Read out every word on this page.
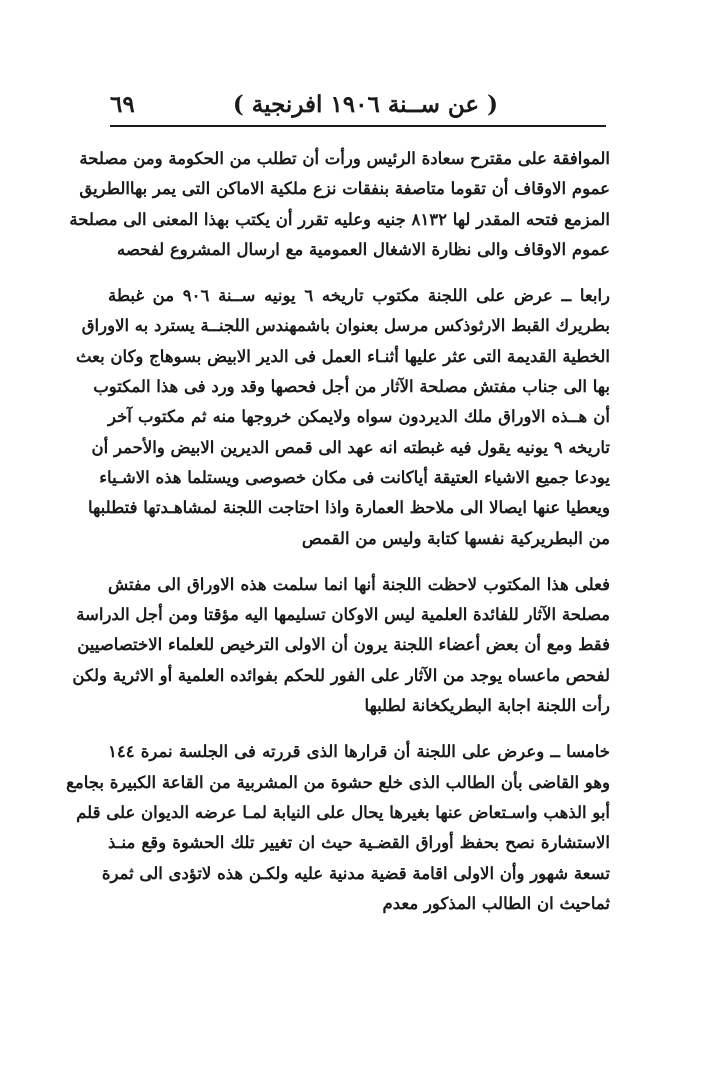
( عن ســنة ١٩٠٦ افرنجية )
٦٩
الموافقة على مقترح سعادة الرئيس ورأت أن تطلب من الحكومة ومن مصلحة
عموم الاوقاف أن تقوما متاصفة بنفقات نزع ملكية الاماكن التى يمر بهاالطريق
المزمع فتحه المقدر لها ٨١٣٢ جنيه وعليه تقرر أن يكتب بهذا المعنى الى مصلحة
عموم الاوقاف والى نظارة الاشغال العمومية مع ارسال المشروع لفحصه
رابعا ــ عرض على اللجنة مكتوب تاريخه ٦ يونيه ســنة ٩٠٦ من غبطة
بطريرك القبط الارثوذكس مرسل بعنوان باشمهندس اللجنــة يسترد به الاوراق
الخطية القديمة التى عثر عليها أثنـاء العمل فى الدير الابيض بسوهاج وكان بعث
بها الى جناب مفتش مصلحة الآثار من أجل فحصها وقد ورد فى هذا المكتوب
أن هــذه الاوراق ملك الديردون سواه ولايمكن خروجها منه ثم مكتوب آخر
تاريخه ٩ يونيه يقول فيه غبطته انه عهد الى قمص الديرين الابيض والأحمر أن
يودعا جميع الاشياء العتيقة أياكانت فى مكان خصوصى ويستلما هذه الاشـياء
ويعطيا عنها ايصالا الى ملاحظ العمارة واذا احتاجت اللجنة لمشاهـدتها فتطلبها
من البطريركية نفسها كتابة وليس من القمص
فعلى هذا المكتوب لاحظت اللجنة أنها انما سلمت هذه الاوراق الى مفتش
مصلحة الآثار للفائدة العلمية ليس الاوكان تسليمها اليه مؤقتا ومن أجل الدراسة
فقط ومع أن بعض أعضاء اللجنة يرون أن الاولى الترخيص للعلماء الاختصاصيين
لفحص ماعساه يوجد من الآثار على الفور للحكم بفوائده العلمية أو الاثرية ولكن
رأت اللجنة اجابة البطريكخانة لطلبها
خامسا ــ وعرض على اللجنة أن قرارها الذى قررته فى الجلسة نمرة ١٤٤
وهو القاضى بأن الطالب الذى خلع حشوة من المشربية من القاعة الكبيرة بجامع
أبو الذهب واسـتعاض عنها بغيرها يحال على النيابة لمـا عرضه الديوان على قلم
الاستشارة نصح بحفظ أوراق القضـية حيث ان تغيير تلك الحشوة وقع منـذ
تسعة شهور وأن الاولى اقامة قضية مدنية عليه ولكـن هذه لاتؤدى الى ثمرة
ثماحيث ان الطالب المذكور معدم
